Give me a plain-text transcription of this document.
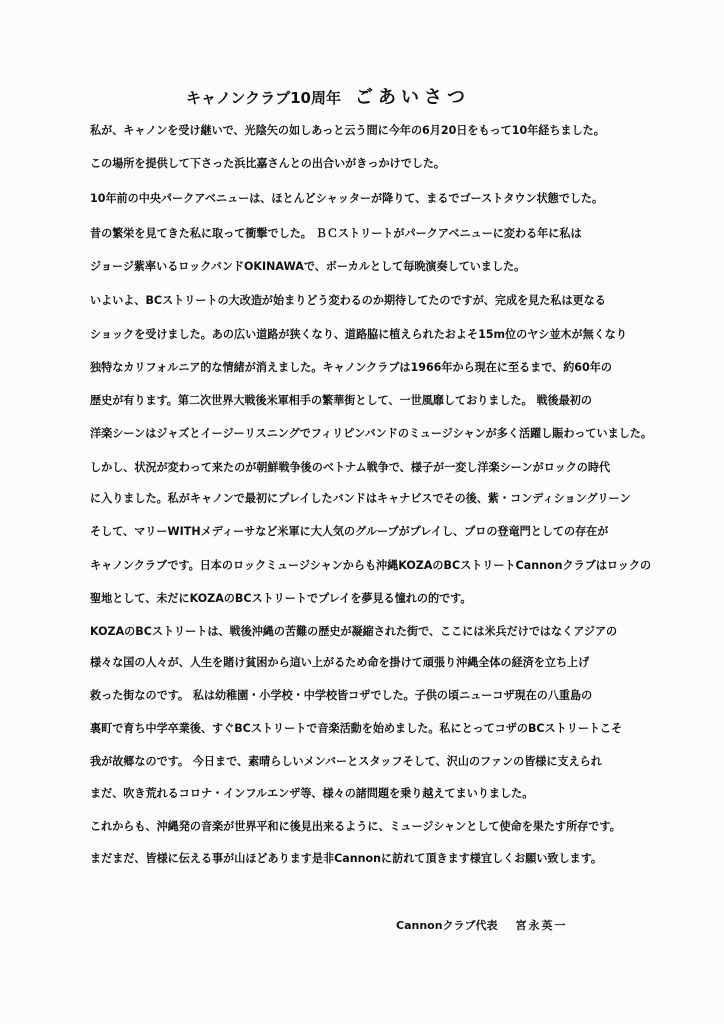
キャノンクラブ10周年 ごあいさつ
私が、キャノンを受け継いで、光陰矢の如しあっと云う間に今年の6月20日をもって10年経ちました。
この場所を提供して下さった浜比嘉さんとの出合いがきっかけでした。
10年前の中央パークアベニューは、ほとんどシャッターが降りて、まるでゴーストタウン状態でした。
昔の繁栄を見てきた私に取って衝撃でした。 ＢＣストリートがパークアベニューに変わる年に私は
ジョージ紫率いるロックバンドOKINAWAで、ボーカルとして毎晩演奏していました。
いよいよ、BCストリートの大改造が始まりどう変わるのか期待してたのですが、完成を見た私は更なる
ショックを受けました。あの広い道路が狭くなり、道路脇に植えられたおよそ15m位のヤシ並木が無くなり
独特なカリフォルニア的な情緒が消えました。キャノンクラブは1966年から現在に至るまで、約60年の
歴史が有ります。第二次世界大戦後米軍相手の繁華街として、一世風靡しておりました。 戦後最初の
洋楽シーンはジャズとイージーリスニングでフィリピンバンドのミュージシャンが多く活躍し賑わっていました。
しかし、状況が変わって来たのが朝鮮戦争後のベトナム戦争で、様子が一変し洋楽シーンがロックの時代
に入りました。私がキャノンで最初にプレイしたバンドはキャナビスでその後、紫・コンディショングリーン
そして、マリーWITHメディーサなど米軍に大人気のグループがプレイし、プロの登竜門としての存在が
キャノンクラブです。日本のロックミュージシャンからも沖縄KOZAのBCストリートCannonクラブはロックの
聖地として、未だにKOZAのBCストリートでプレイを夢見る憧れの的です。
KOZAのBCストリートは、戦後沖縄の苦難の歴史が凝縮された街で、ここには米兵だけではなくアジアの
様々な国の人々が、人生を賭け貧困から這い上がるため命を掛けて頑張り沖縄全体の経済を立ち上げ
救った街なのです。 私は幼稚園・小学校・中学校皆コザでした。子供の頃ニューコザ現在の八重島の
裏町で育ち中学卒業後、すぐBCストリートで音楽活動を始めました。私にとってコザのBCストリートこそ
我が故郷なのです。 今日まで、素晴らしいメンバーとスタッフそして、沢山のファンの皆様に支えられ
まだ、吹き荒れるコロナ・インフルエンザ等、様々の諸問題を乗り越えてまいりました。
これからも、沖縄発の音楽が世界平和に後見出来るように、ミュージシャンとして使命を果たす所存です。
まだまだ、皆様に伝える事が山ほどあります是非Cannonに訪れて頂きます様宜しくお願い致します。
Cannonクラブ代表 宮永英一
